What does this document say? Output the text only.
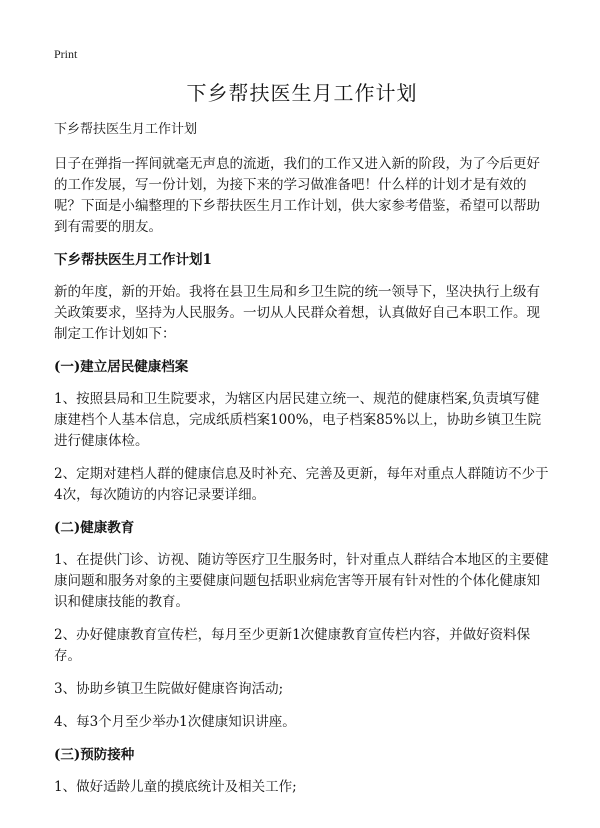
Print
下乡帮扶医生月工作计划
下乡帮扶医生月工作计划

日子在弹指一挥间就毫无声息的流逝，我们的工作又进入新的阶段，为了今后更好的工作发展，写一份计划，为接下来的学习做准备吧！什么样的计划才是有效的呢？下面是小编整理的下乡帮扶医生月工作计划，供大家参考借鉴，希望可以帮助到有需要的朋友。

下乡帮扶医生月工作计划1

新的年度，新的开始。我将在县卫生局和乡卫生院的统一领导下，坚决执行上级有关政策要求，坚持为人民服务。一切从人民群众着想，认真做好自己本职工作。现制定工作计划如下：

(一)建立居民健康档案

1、按照县局和卫生院要求，为辖区内居民建立统一、规范的健康档案,负责填写健康建档个人基本信息，完成纸质档案100%，电子档案85%以上，协助乡镇卫生院进行健康体检。

2、定期对建档人群的健康信息及时补充、完善及更新，每年对重点人群随访不少于4次，每次随访的内容记录要详细。

(二)健康教育

1、在提供门诊、访视、随访等医疗卫生服务时，针对重点人群结合本地区的主要健康问题和服务对象的主要健康问题包括职业病危害等开展有针对性的个体化健康知识和健康技能的教育。

2、办好健康教育宣传栏，每月至少更新1次健康教育宣传栏内容，并做好资料保存。

3、协助乡镇卫生院做好健康咨询活动;

4、每3个月至少举办1次健康知识讲座。

(三)预防接种

1、做好适龄儿童的摸底统计及相关工作;
